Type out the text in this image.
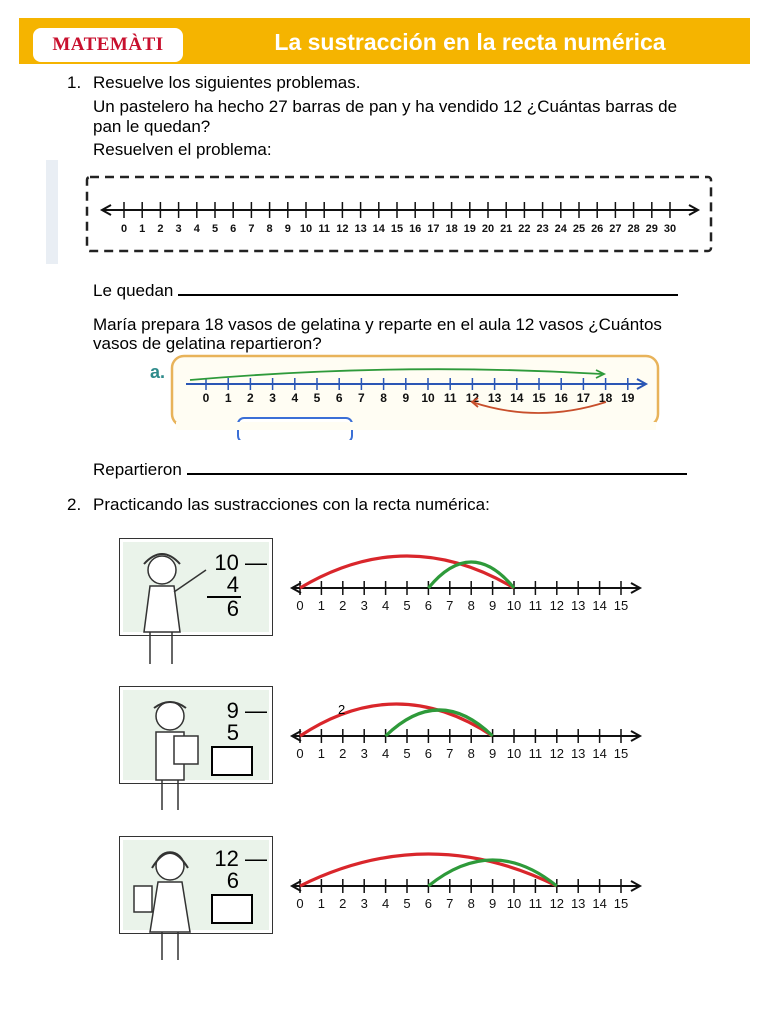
MATEMÀTI	La sustracción en la recta numérica
1. Resuelve los siguientes problemas.
Un pastelero ha hecho 27 barras de pan y ha vendido 12 ¿Cuántas barras de
pan le quedan?
Resuelven el problema:
0 1 2 3 4 5 6 7 8 9 10 11 12 13 14 15 16 17 18 19 20 21 22 23 24 25 26 27 28 29 30
Le quedan
María prepara 18 vasos de gelatina y reparte en el aula 12 vasos ¿Cuántos
vasos de gelatina repartieron?
a.
0 1 2 3 4 5 6 7 8 9 10 11 12 13 14 15 16 17 18 19
Repartieron
2. Practicando las sustracciones con la recta numérica:
10 —
4
6	0 1 2 3 4 5 6 7 8 9 10 11 12 13 14 15
9 —
5
0 1 2 3 4 5 6 7 8 9 10 11 12 13 14 15
2
12 —
6
0 1 2 3 4 5 6 7 8 9 10 11 12 13 14 15
